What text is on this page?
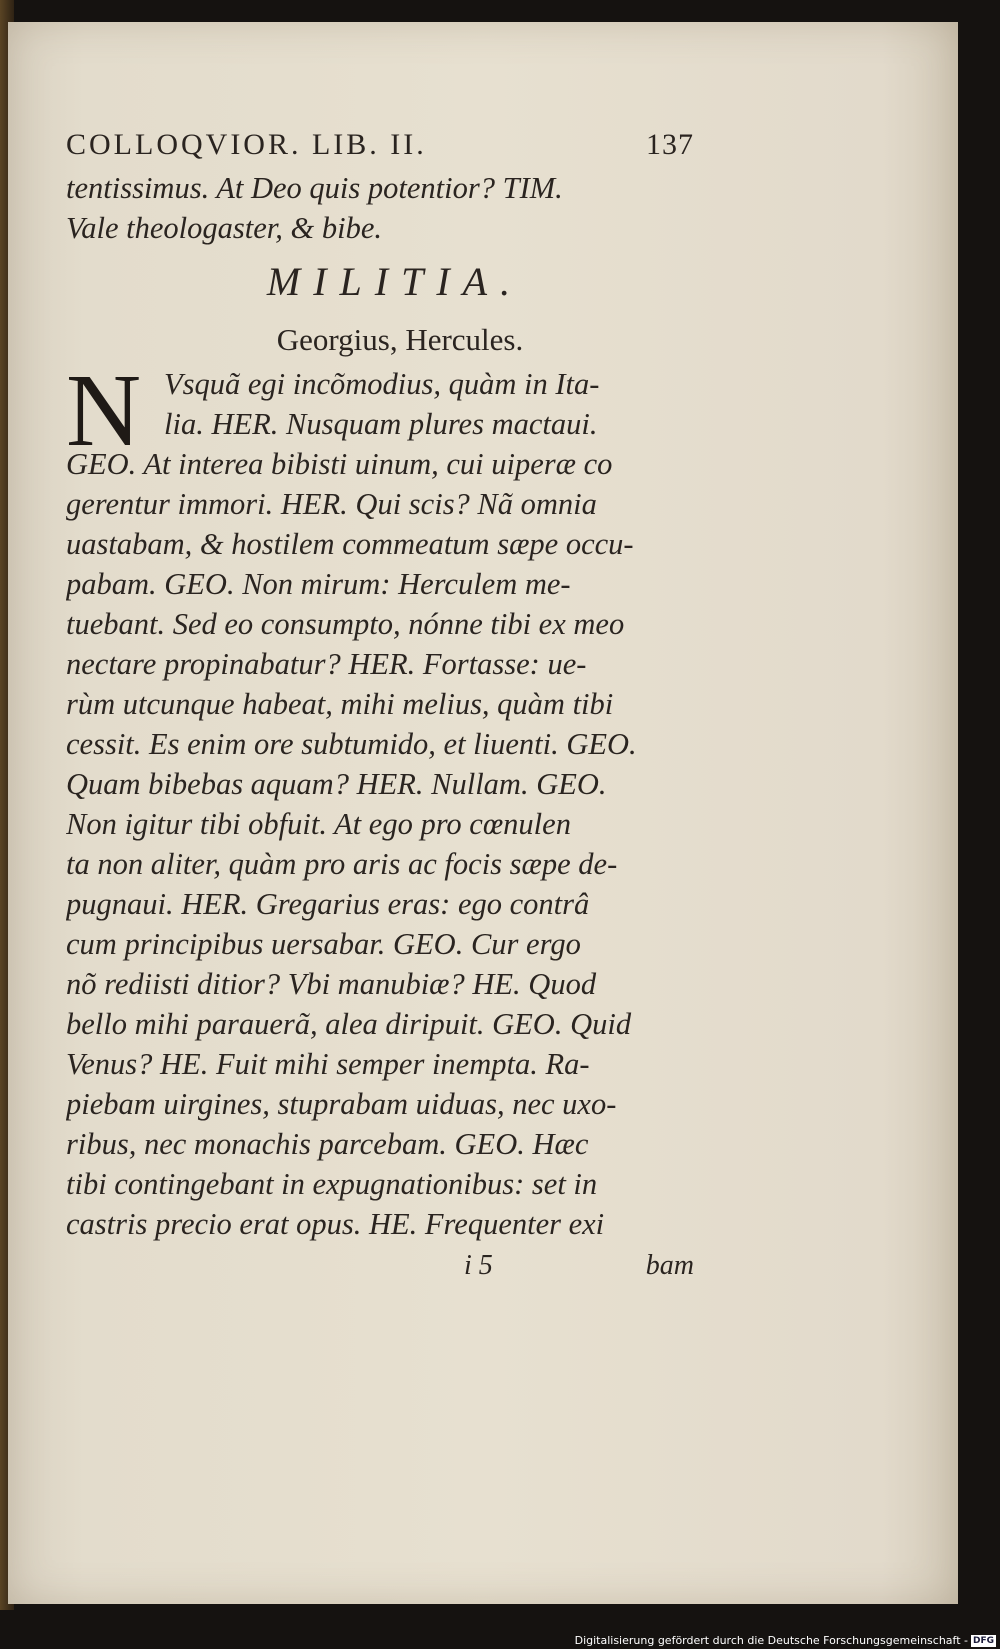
COLLOQVIOR. LIB. II.	137
tentissimus. At Deo quis potentior? TIM.
Vale theologaster, & bibe.
MILITIA.
Georgius, Hercules.
N Vsquã egi incõmodius, quàm in Ita-
lia. HER. Nusquam plures mactaui.
GEO. At interea bibisti uinum, cui uiperæ co
gerentur immori. HER. Qui scis? Nã omnia
uastabam, & hostilem commeatum sæpe occu-
pabam. GEO. Non mirum: Herculem me-
tuebant. Sed eo consumpto, nónne tibi ex meo
nectare propinabatur? HER. Fortasse: ue-
rùm utcunque habeat, mihi melius, quàm tibi
cessit. Es enim ore subtumido, et liuenti. GEO.
Quam bibebas aquam? HER. Nullam. GEO.
Non igitur tibi obfuit. At ego pro cœnulen
ta non aliter, quàm pro aris ac focis sæpe de-
pugnaui. HER. Gregarius eras: ego contrâ
cum principibus uersabar. GEO. Cur ergo
nõ rediisti ditior? Vbi manubiæ? HE. Quod
bello mihi parauerã, alea diripuit. GEO. Quid
Venus? HE. Fuit mihi semper inempta. Ra-
piebam uirgines, stuprabam uiduas, nec uxo-
ribus, nec monachis parcebam. GEO. Hæc
tibi contingebant in expugnationibus: set in
castris precio erat opus. HE. Frequenter exi
i 5	bam
Digitalisierung gefördert durch die Deutsche Forschungsgemeinschaft - DFG
